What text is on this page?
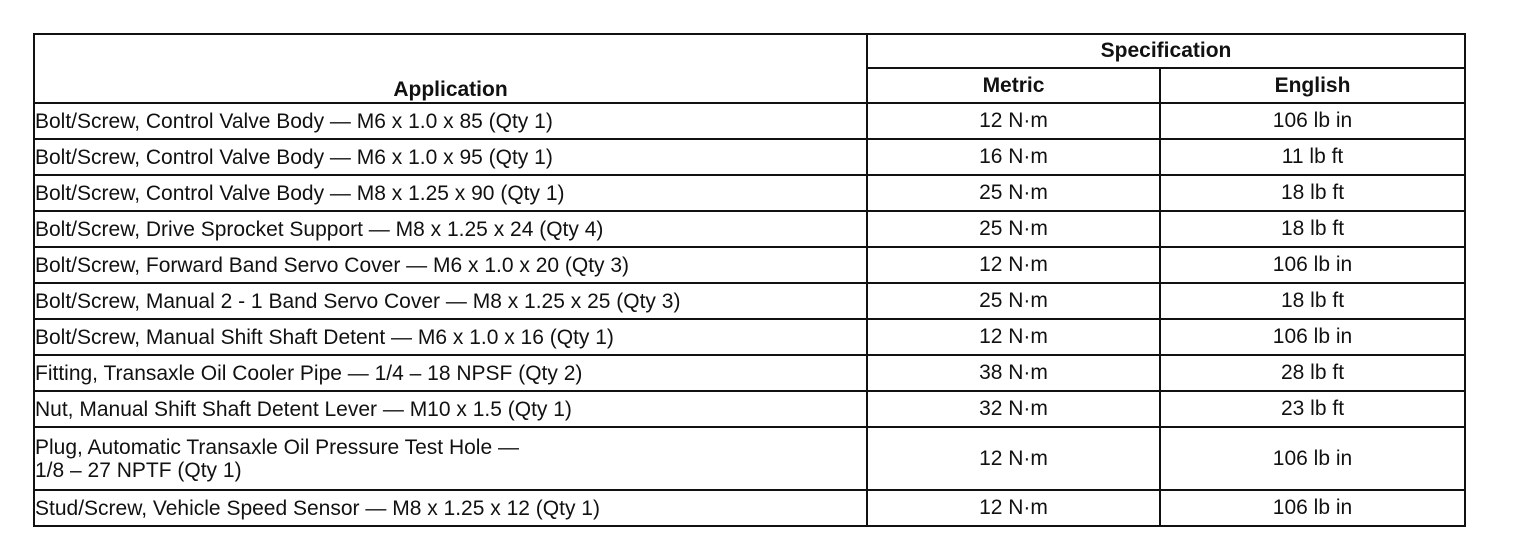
Application	Specification	
	Metric	English
Bolt/Screw, Control Valve Body — M6 x 1.0 x 85 (Qty 1)	12 N·m	106 lb in
Bolt/Screw, Control Valve Body — M6 x 1.0 x 95 (Qty 1)	16 N·m	11 lb ft
Bolt/Screw, Control Valve Body — M8 x 1.25 x 90 (Qty 1)	25 N·m	18 lb ft
Bolt/Screw, Drive Sprocket Support — M8 x 1.25 x 24 (Qty 4)	25 N·m	18 lb ft
Bolt/Screw, Forward Band Servo Cover — M6 x 1.0 x 20 (Qty 3)	12 N·m	106 lb in
Bolt/Screw, Manual 2 - 1 Band Servo Cover — M8 x 1.25 x 25 (Qty 3)	25 N·m	18 lb ft
Bolt/Screw, Manual Shift Shaft Detent — M6 x 1.0 x 16 (Qty 1)	12 N·m	106 lb in
Fitting, Transaxle Oil Cooler Pipe — 1/4 – 18 NPSF (Qty 2)	38 N·m	28 lb ft
Nut, Manual Shift Shaft Detent Lever — M10 x 1.5 (Qty 1)	32 N·m	23 lb ft

Plug, Automatic Transaxle Oil Pressure Test Hole —
1/8 – 27 NPTF (Qty 1)	12 N·m	106 lb in
Stud/Screw, Vehicle Speed Sensor — M8 x 1.25 x 12 (Qty 1)	12 N·m	106 lb in
